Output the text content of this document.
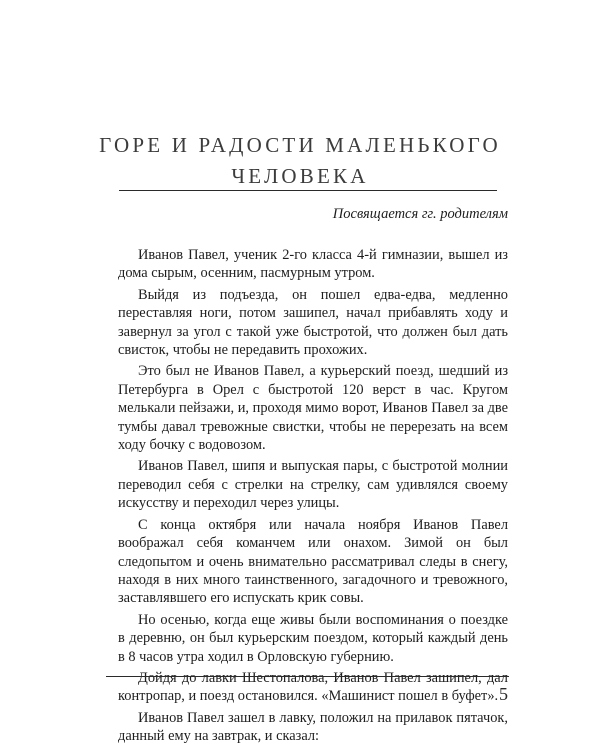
ГОРЕ И РАДОСТИ МАЛЕНЬКОГО
ЧЕЛОВЕКА
Посвящается гг. родителям

Иванов Павел, ученик 2-го класса 4-й гимназии, вышел из дома сырым, осенним, пасмурным утром.

Выйдя из подъезда, он пошел едва-едва, медленно переставляя ноги, потом зашипел, начал прибавлять ходу и завернул за угол с такой уже быстротой, что должен был дать свисток, чтобы не передавить прохожих.

Это был не Иванов Павел, а курьерский поезд, шедший из Петербурга в Орел с быстротой 120 верст в час. Кругом мелькали пейзажи, и, проходя мимо ворот, Иванов Павел за две тумбы давал тревожные свистки, чтобы не перерезать на всем ходу бочку с водовозом.

Иванов Павел, шипя и выпуская пары, с быстротой молнии переводил себя с стрелки на стрелку, сам удивлялся своему искусству и переходил через улицы.

С конца октября или начала ноября Иванов Павел воображал себя команчем или онахом. Зимой он был следопытом и очень внимательно рассматривал следы в снегу, находя в них много таинственного, загадочного и тревожного, заставлявшего его испускать крик совы.

Но осенью, когда еще живы были воспоминания о поездке в деревню, он был курьерским поездом, который каждый день в 8 часов утра ходил в Орловскую губернию.

Дойдя до лавки Шестопалова, Иванов Павел зашипел, дал контропар, и поезд остановился. «Машинист пошел в буфет».

Иванов Павел зашел в лавку, положил на прилавок пятачок, данный ему на завтрак, и сказал:

5
